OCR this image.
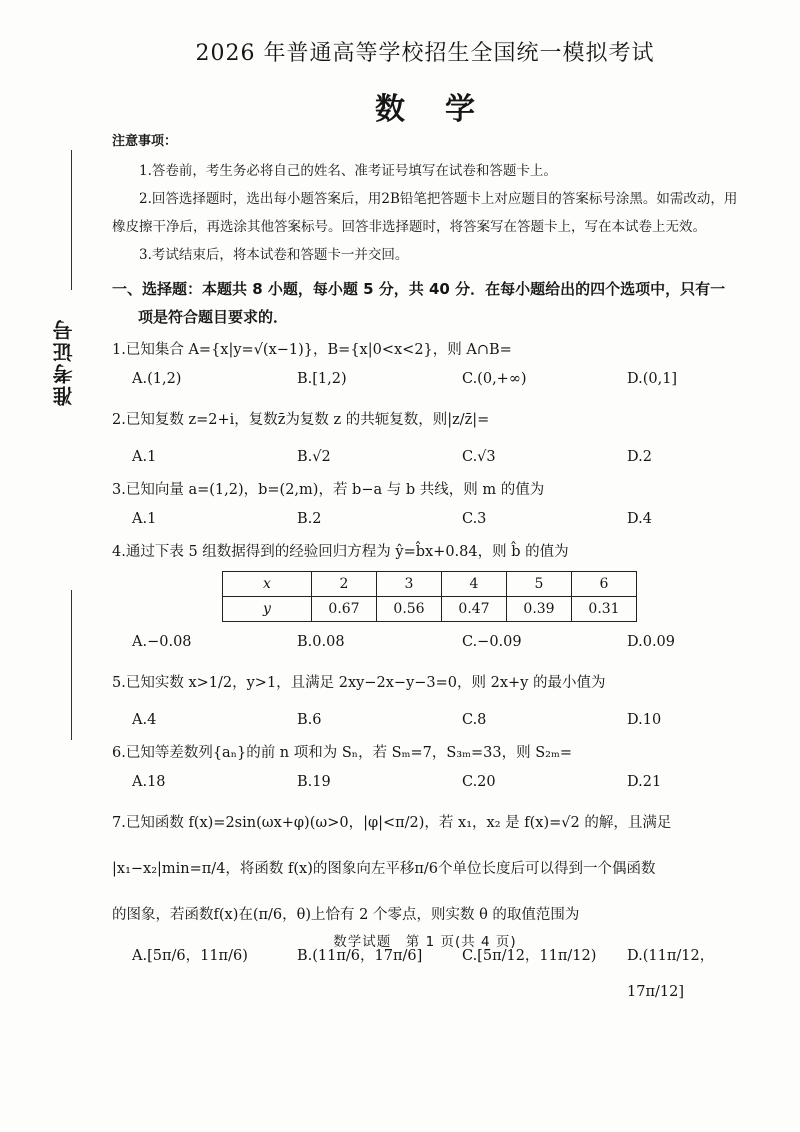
准考证号
2026 年普通高等学校招生全国统一模拟考试
数学
注意事项：

1.答卷前，考生务必将自己的姓名、准考证号填写在试卷和答题卡上。

2.回答选择题时，选出每小题答案后，用2B铅笔把答题卡上对应题目的答案标号涂黑。如需改动，用橡皮擦干净后，再选涂其他答案标号。回答非选择题时，将答案写在答题卡上，写在本试卷上无效。

3.考试结束后，将本试卷和答题卡一并交回。

一、选择题：本题共 8 小题，每小题 5 分，共 40 分．在每小题给出的四个选项中，只有一
项是符合题目要求的．
1.已知集合 A={x|y=√(x−1)}，B={x|0<x<2}，则 A∩B=
A.(1,2)	B.[1,2)	C.(0,+∞)	D.(0,1]
2.已知复数 z=2+i，复数z̄为复数 z 的共轭复数，则|z/z̄|=
A.1	B.√2	C.√3	D.2
3.已知向量 a=(1,2)，b=(2,m)，若 b−a 与 b 共线，则 m 的值为
A.1	B.2	C.3	D.4
4.通过下表 5 组数据得到的经验回归方程为 ŷ=b̂x+0.84，则 b̂ 的值为
x	2	3	4	5	6
y	0.67	0.56	0.47	0.39	0.31
A.−0.08	B.0.08	C.−0.09	D.0.09
5.已知实数 x>1/2，y>1，且满足 2xy−2x−y−3=0，则 2x+y 的最小值为
A.4	B.6	C.8	D.10
6.已知等差数列{aₙ}的前 n 项和为 Sₙ，若 Sₘ=7，S₃ₘ=33，则 S₂ₘ=
A.18	B.19	C.20	D.21
7.已知函数 f(x)=2sin(ωx+φ)(ω>0，|φ|<π/2)，若 x₁，x₂ 是 f(x)=√2 的解，且满足
|x₁−x₂|min=π/4，将函数 f(x)的图象向左平移π/6个单位长度后可以得到一个偶函数
的图象，若函数f(x)在(π/6，θ)上恰有 2 个零点，则实数 θ 的取值范围为
A.[5π/6，11π/6)	B.(11π/6，17π/6]	C.[5π/12，11π/12)	D.(11π/12，17π/12]
数学试题　第 1 页(共 4 页)
